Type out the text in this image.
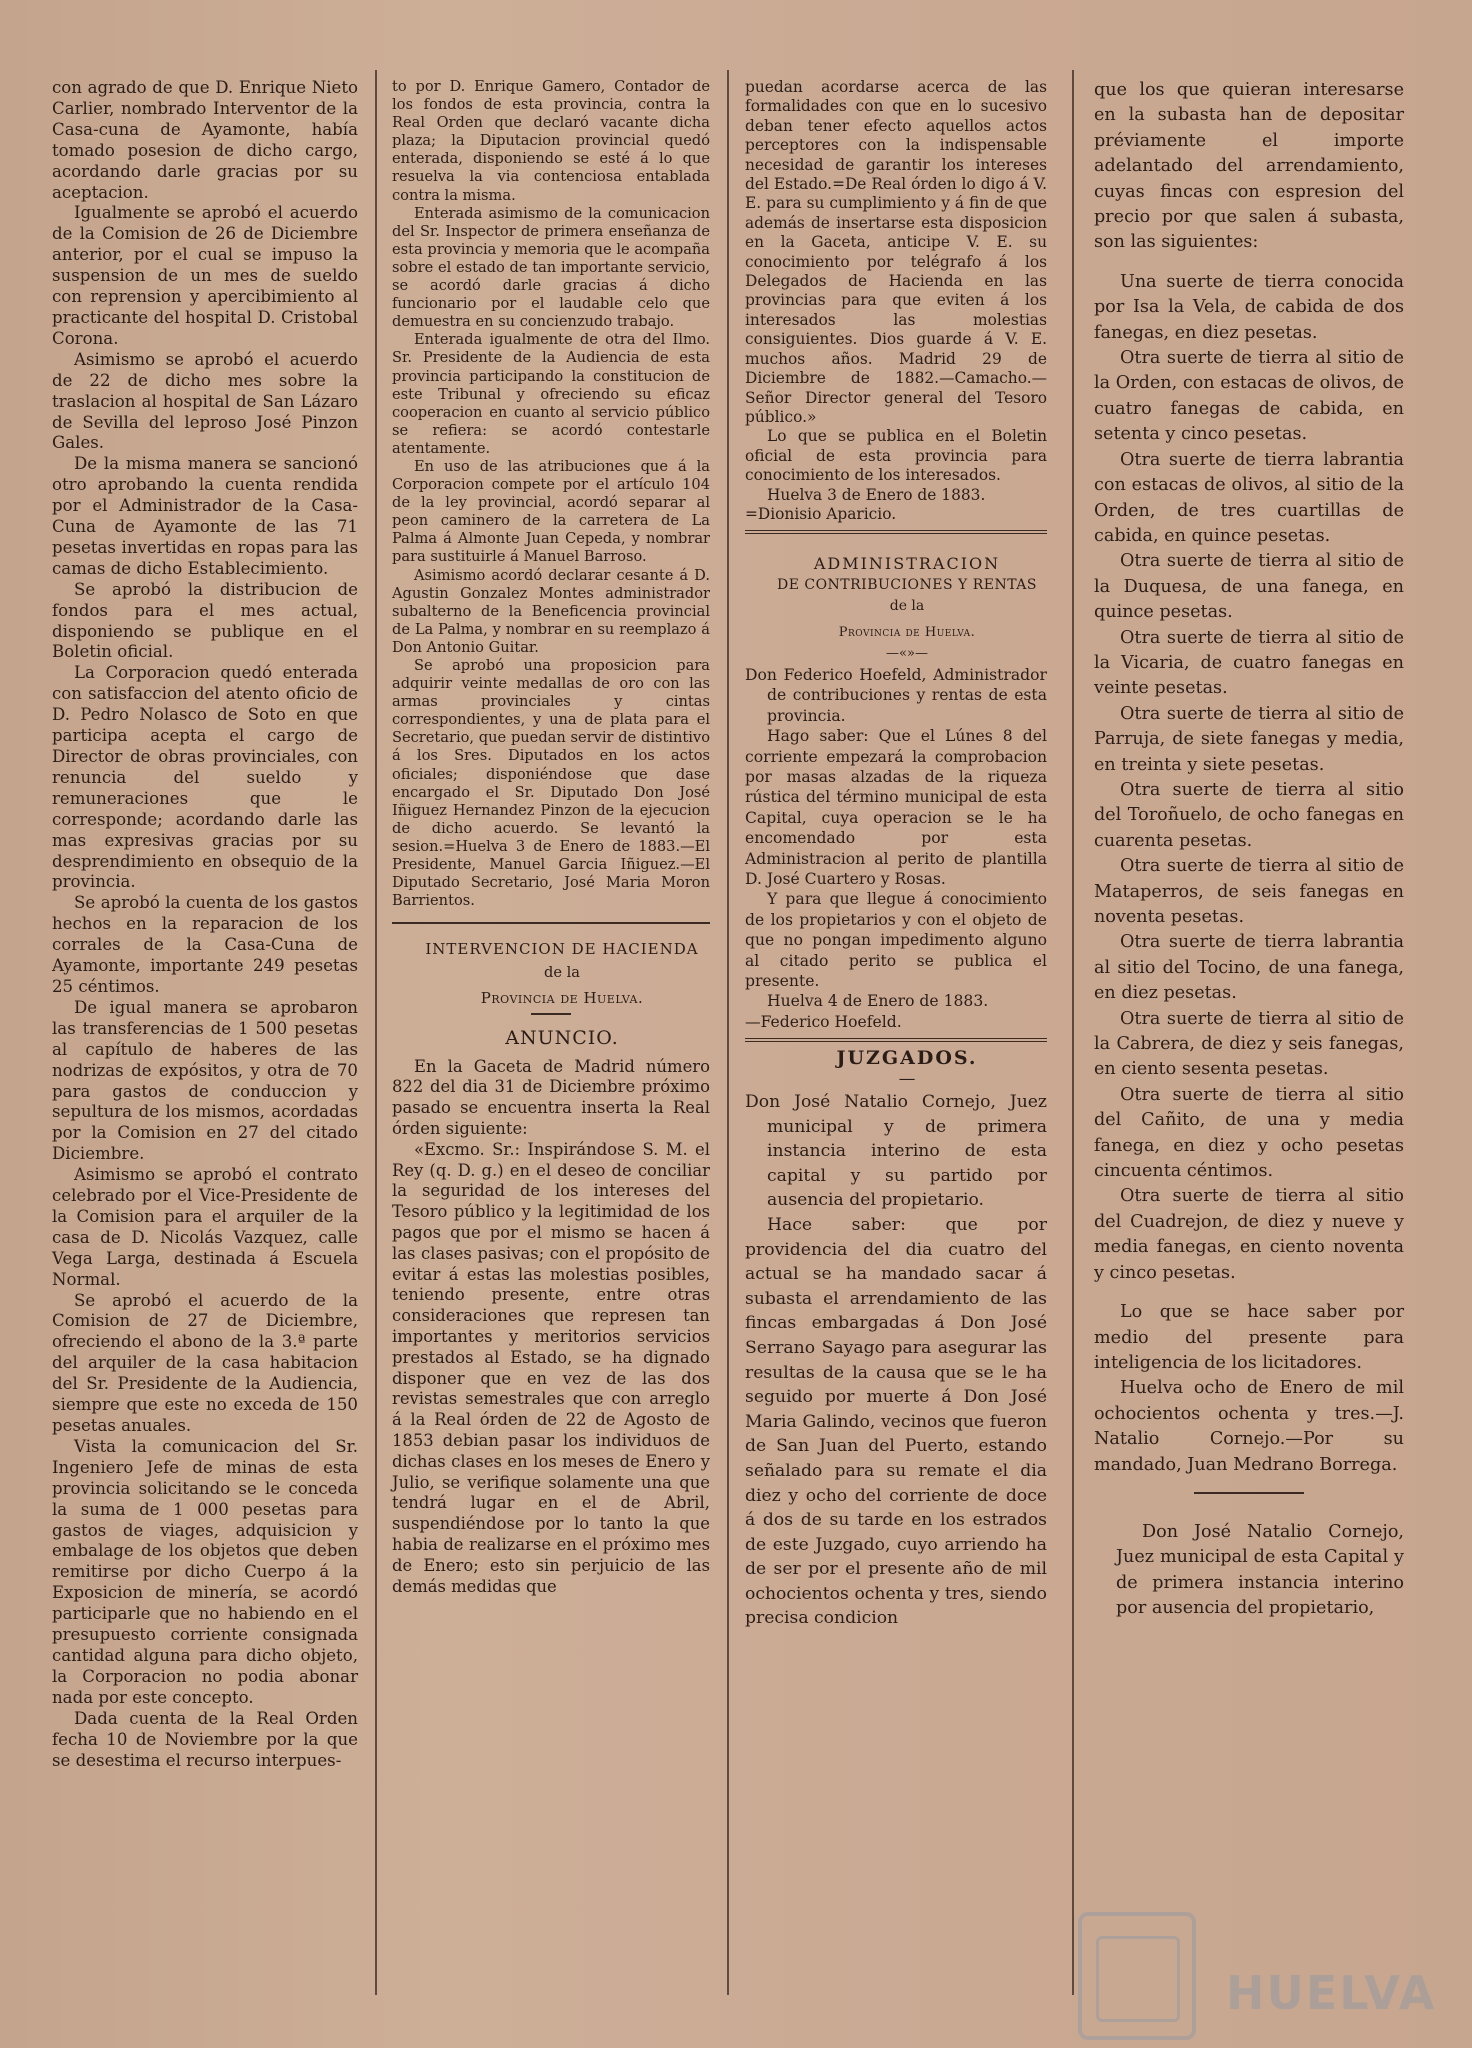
con agrado de que D. Enrique Nieto Carlier, nombrado Interventor de la Casa-cuna de Ayamonte, había tomado posesion de dicho cargo, acordando darle gracias por su aceptacion.

Igualmente se aprobó el acuerdo de la Comision de 26 de Diciembre anterior, por el cual se impuso la suspension de un mes de sueldo con reprension y apercibimiento al practicante del hospital D. Cristobal Corona.

Asimismo se aprobó el acuerdo de 22 de dicho mes sobre la traslacion al hospital de San Lázaro de Sevilla del leproso José Pinzon Gales.

De la misma manera se sancionó otro aprobando la cuenta rendida por el Administrador de la Casa-Cuna de Ayamonte de las 71 pesetas invertidas en ropas para las camas de dicho Establecimiento.

Se aprobó la distribucion de fondos para el mes actual, disponiendo se publique en el Boletin oficial.

La Corporacion quedó enterada con satisfaccion del atento oficio de D. Pedro Nolasco de Soto en que participa acepta el cargo de Director de obras provinciales, con renuncia del sueldo y remuneraciones que le corresponde; acordando darle las mas expresivas gracias por su desprendimiento en obsequio de la provincia.

Se aprobó la cuenta de los gastos hechos en la reparacion de los corrales de la Casa-Cuna de Ayamonte, importante 249 pesetas 25 céntimos.

De igual manera se aprobaron las transferencias de 1 500 pesetas al capítulo de haberes de las nodrizas de expósitos, y otra de 70 para gastos de conduccion y sepultura de los mismos, acordadas por la Comision en 27 del citado Diciembre.

Asimismo se aprobó el contrato celebrado por el Vice-Presidente de la Comision para el arquiler de la casa de D. Nicolás Vazquez, calle Vega Larga, destinada á Escuela Normal.

Se aprobó el acuerdo de la Comision de 27 de Diciembre, ofreciendo el abono de la 3.ª parte del arquiler de la casa habitacion del Sr. Presidente de la Audiencia, siempre que este no exceda de 150 pesetas anuales.

Vista la comunicacion del Sr. Ingeniero Jefe de minas de esta provincia solicitando se le conceda la suma de 1 000 pesetas para gastos de viages, adquisicion y embalage de los objetos que deben remitirse por dicho Cuerpo á la Exposicion de minería, se acordó participarle que no habiendo en el presupuesto corriente consignada cantidad alguna para dicho objeto, la Corporacion no podia abonar nada por este concepto.

Dada cuenta de la Real Orden fecha 10 de Noviembre por la que se desestima el recurso interpues-

to por D. Enrique Gamero, Contador de los fondos de esta provincia, contra la Real Orden que declaró vacante dicha plaza; la Diputacion provincial quedó enterada, disponiendo se esté á lo que resuelva la via contenciosa entablada contra la misma.

Enterada asimismo de la comunicacion del Sr. Inspector de primera enseñanza de esta provincia y memoria que le acompaña sobre el estado de tan importante servicio, se acordó darle gracias á dicho funcionario por el laudable celo que demuestra en su concienzudo trabajo.

Enterada igualmente de otra del Ilmo. Sr. Presidente de la Audiencia de esta provincia participando la constitucion de este Tribunal y ofreciendo su eficaz cooperacion en cuanto al servicio público se refiera: se acordó contestarle atentamente.

En uso de las atribuciones que á la Corporacion compete por el artículo 104 de la ley provincial, acordó separar al peon caminero de la carretera de La Palma á Almonte Juan Cepeda, y nombrar para sustituirle á Manuel Barroso.

Asimismo acordó declarar cesante á D. Agustin Gonzalez Montes administrador subalterno de la Beneficencia provincial de La Palma, y nombrar en su reemplazo á Don Antonio Guitar.

Se aprobó una proposicion para adquirir veinte medallas de oro con las armas provinciales y cintas correspondientes, y una de plata para el Secretario, que puedan servir de distintivo á los Sres. Diputados en los actos oficiales; disponiéndose que dase encargado el Sr. Diputado Don José Iñiguez Hernandez Pinzon de la ejecucion de dicho acuerdo. Se levantó la sesion.=Huelva 3 de Enero de 1883.—El Presidente, Manuel Garcia Iñiguez.—El Diputado Secretario, José Maria Moron Barrientos.

INTERVENCION DE HACIENDA

de la

Provincia de Huelva.

ANUNCIO.

En la Gaceta de Madrid número 822 del dia 31 de Diciembre próximo pasado se encuentra inserta la Real órden siguiente:

«Excmo. Sr.: Inspirándose S. M. el Rey (q. D. g.) en el deseo de conciliar la seguridad de los intereses del Tesoro público y la legitimidad de los pagos que por el mismo se hacen á las clases pasivas; con el propósito de evitar á estas las molestias posibles, teniendo presente, entre otras consideraciones que represen tan importantes y meritorios servicios prestados al Estado, se ha dignado disponer que en vez de las dos revistas semestrales que con arreglo á la Real órden de 22 de Agosto de 1853 debian pasar los individuos de dichas clases en los meses de Enero y Julio, se verifique solamente una que tendrá lugar en el de Abril, suspendiéndose por lo tanto la que habia de realizarse en el próximo mes de Enero; esto sin perjuicio de las demás medidas que

puedan acordarse acerca de las formalidades con que en lo sucesivo deban tener efecto aquellos actos perceptores con la indispensable necesidad de garantir los intereses del Estado.=De Real órden lo digo á V. E. para su cumplimiento y á fin de que además de insertarse esta disposicion en la Gaceta, anticipe V. E. su conocimiento por telégrafo á los Delegados de Hacienda en las provincias para que eviten á los interesados las molestias consiguientes. Dios guarde á V. E. muchos años. Madrid 29 de Diciembre de 1882.—Camacho.—Señor Director general del Tesoro público.»

Lo que se publica en el Boletin oficial de esta provincia para conocimiento de los interesados.

Huelva 3 de Enero de 1883.

=Dionisio Aparicio.

ADMINISTRACION

DE CONTRIBUCIONES Y RENTAS

de la

Provincia de Huelva.

—«»—

Don Federico Hoefeld, Administrador de contribuciones y rentas de esta provincia.

Hago saber: Que el Lúnes 8 del corriente empezará la comprobacion por masas alzadas de la riqueza rústica del término municipal de esta Capital, cuya operacion se le ha encomendado por esta Administracion al perito de plantilla D. José Cuartero y Rosas.

Y para que llegue á conocimiento de los propietarios y con el objeto de que no pongan impedimento alguno al citado perito se publica el presente.

Huelva 4 de Enero de 1883.

—Federico Hoefeld.

JUZGADOS.

—

Don José Natalio Cornejo, Juez municipal y de primera instancia interino de esta capital y su partido por ausencia del propietario.

Hace saber: que por providencia del dia cuatro del actual se ha mandado sacar á subasta el arrendamiento de las fincas embargadas á Don José Serrano Sayago para asegurar las resultas de la causa que se le ha seguido por muerte á Don José Maria Galindo, vecinos que fueron de San Juan del Puerto, estando señalado para su remate el dia diez y ocho del corriente de doce á dos de su tarde en los estrados de este Juzgado, cuyo arriendo ha de ser por el presente año de mil ochocientos ochenta y tres, siendo precisa condicion

que los que quieran interesarse en la subasta han de depositar préviamente el importe adelantado del arrendamiento, cuyas fincas con espresion del precio por que salen á subasta, son las siguientes:

Una suerte de tierra conocida por Isa la Vela, de cabida de dos fanegas, en diez pesetas.

Otra suerte de tierra al sitio de la Orden, con estacas de olivos, de cuatro fanegas de cabida, en setenta y cinco pesetas.

Otra suerte de tierra labrantia con estacas de olivos, al sitio de la Orden, de tres cuartillas de cabida, en quince pesetas.

Otra suerte de tierra al sitio de la Duquesa, de una fanega, en quince pesetas.

Otra suerte de tierra al sitio de la Vicaria, de cuatro fanegas en veinte pesetas.

Otra suerte de tierra al sitio de Parruja, de siete fanegas y media, en treinta y siete pesetas.

Otra suerte de tierra al sitio del Toroñuelo, de ocho fanegas en cuarenta pesetas.

Otra suerte de tierra al sitio de Mataperros, de seis fanegas en noventa pesetas.

Otra suerte de tierra labrantia al sitio del Tocino, de una fanega, en diez pesetas.

Otra suerte de tierra al sitio de la Cabrera, de diez y seis fanegas, en ciento sesenta pesetas.

Otra suerte de tierra al sitio del Cañito, de una y media fanega, en diez y ocho pesetas cincuenta céntimos.

Otra suerte de tierra al sitio del Cuadrejon, de diez y nueve y media fanegas, en ciento noventa y cinco pesetas.

Lo que se hace saber por medio del presente para inteligencia de los licitadores.

Huelva ocho de Enero de mil ochocientos ochenta y tres.—J. Natalio Cornejo.—Por su mandado, Juan Medrano Borrega.

Don José Natalio Cornejo, Juez municipal de esta Capital y de primera instancia interino por ausencia del propietario,

HUELVA
